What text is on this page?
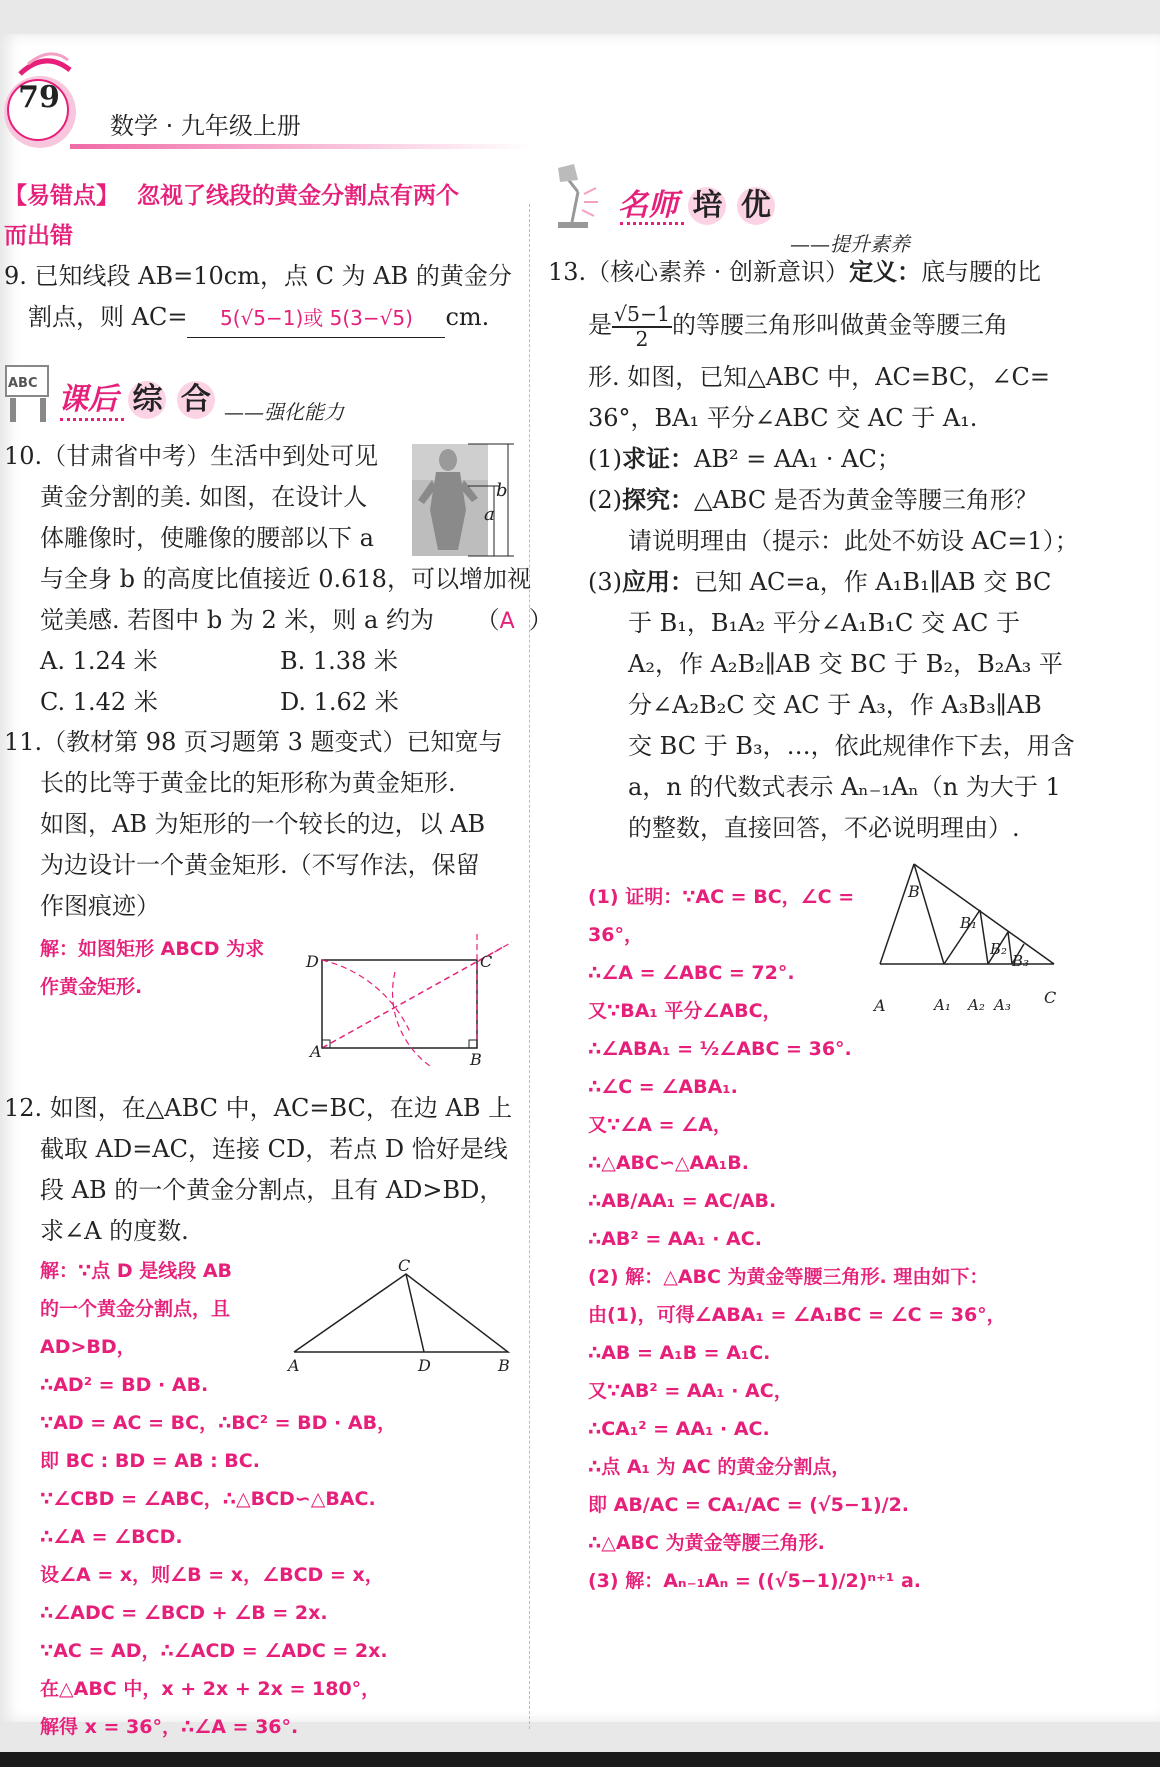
79
数学 · 九年级上册
【易错点】 忽视了线段的黄金分割点有两个
而出错
9. 已知线段 AB=10cm，点 C 为 AB 的黄金分
割点，则 AC= 5(√5−1)或 5(3−√5) cm.
ABC 课后 综 合 ——强化能力
10.（甘肃省中考）生活中到处可见
黄金分割的美. 如图，在设计人
体雕像时，使雕像的腰部以下 a
与全身 b 的高度比值接近 0.618，可以增加视
觉美感. 若图中 b 为 2 米，则 a 约为 （A ）
A. 1.24 米	B. 1.38 米
C. 1.42 米	D. 1.62 米
b
a
11.（教材第 98 页习题第 3 题变式）已知宽与
长的比等于黄金比的矩形称为黄金矩形.
如图，AB 为矩形的一个较长的边，以 AB
为边设计一个黄金矩形.（不写作法，保留
作图痕迹）
解：如图矩形 ABCD 为求
作黄金矩形.
D	C
A	B
12. 如图，在△ABC 中，AC=BC，在边 AB 上
截取 AD=AC，连接 CD，若点 D 恰好是线
段 AB 的一个黄金分割点，且有 AD>BD，
求∠A 的度数.
解：∵点 D 是线段 AB
的一个黄金分割点，且
AD>BD，
∴AD² = BD · AB.
∵AD = AC = BC，∴BC² = BD · AB，
即 BC : BD = AB : BC.
∵∠CBD = ∠ABC，∴△BCD∽△BAC.
∴∠A = ∠BCD.
设∠A = x，则∠B = x，∠BCD = x，
∴∠ADC = ∠BCD + ∠B = 2x.
∵AC = AD，∴∠ACD = ∠ADC = 2x.
在△ABC 中，x + 2x + 2x = 180°，
解得 x = 36°，∴∠A = 36°.
C
A	D	B
名师 培 优
——提升素养
13.（核心素养 · 创新意识）定义：底与腰的比
是 $\frac{√5-1}{2}$ 的等腰三角形叫做黄金等腰三角
形. 如图，已知△ABC 中，AC=BC，∠C=
36°，BA₁ 平分∠ABC 交 AC 于 A₁.
(1)求证：AB² = AA₁ · AC；
(2)探究：△ABC 是否为黄金等腰三角形？
请说明理由（提示：此处不妨设 AC=1）；
(3)应用：已知 AC=a，作 A₁B₁∥AB 交 BC
于 B₁，B₁A₂ 平分∠A₁B₁C 交 AC 于
A₂，作 A₂B₂∥AB 交 BC 于 B₂，B₂A₃ 平
分∠A₂B₂C 交 AC 于 A₃，作 A₃B₃∥AB
交 BC 于 B₃，…，依此规律作下去，用含
a，n 的代数式表示 Aₙ₋₁Aₙ（n 为大于 1
的整数，直接回答，不必说明理由）.
B
B₁
B₂
B₃
C
A	A₁ A₂ A₃
(1) 证明：∵AC = BC，∠C =
36°，
∴∠A = ∠ABC = 72°.
又∵BA₁ 平分∠ABC，
∴∠ABA₁ = ½∠ABC = 36°.
∴∠C = ∠ABA₁.
又∵∠A = ∠A，
∴△ABC∽△AA₁B.
∴AB/AA₁ = AC/AB.
∴AB² = AA₁ · AC.
(2) 解：△ABC 为黄金等腰三角形. 理由如下：
由(1)，可得∠ABA₁ = ∠A₁BC = ∠C = 36°，
∴AB = A₁B = A₁C.
又∵AB² = AA₁ · AC，
∴CA₁² = AA₁ · AC.
∴点 A₁ 为 AC 的黄金分割点，
即 AB/AC = CA₁/AC = (√5−1)/2.
∴△ABC 为黄金等腰三角形.
(3) 解：Aₙ₋₁Aₙ = ((√5−1)/2)ⁿ⁺¹ a.
